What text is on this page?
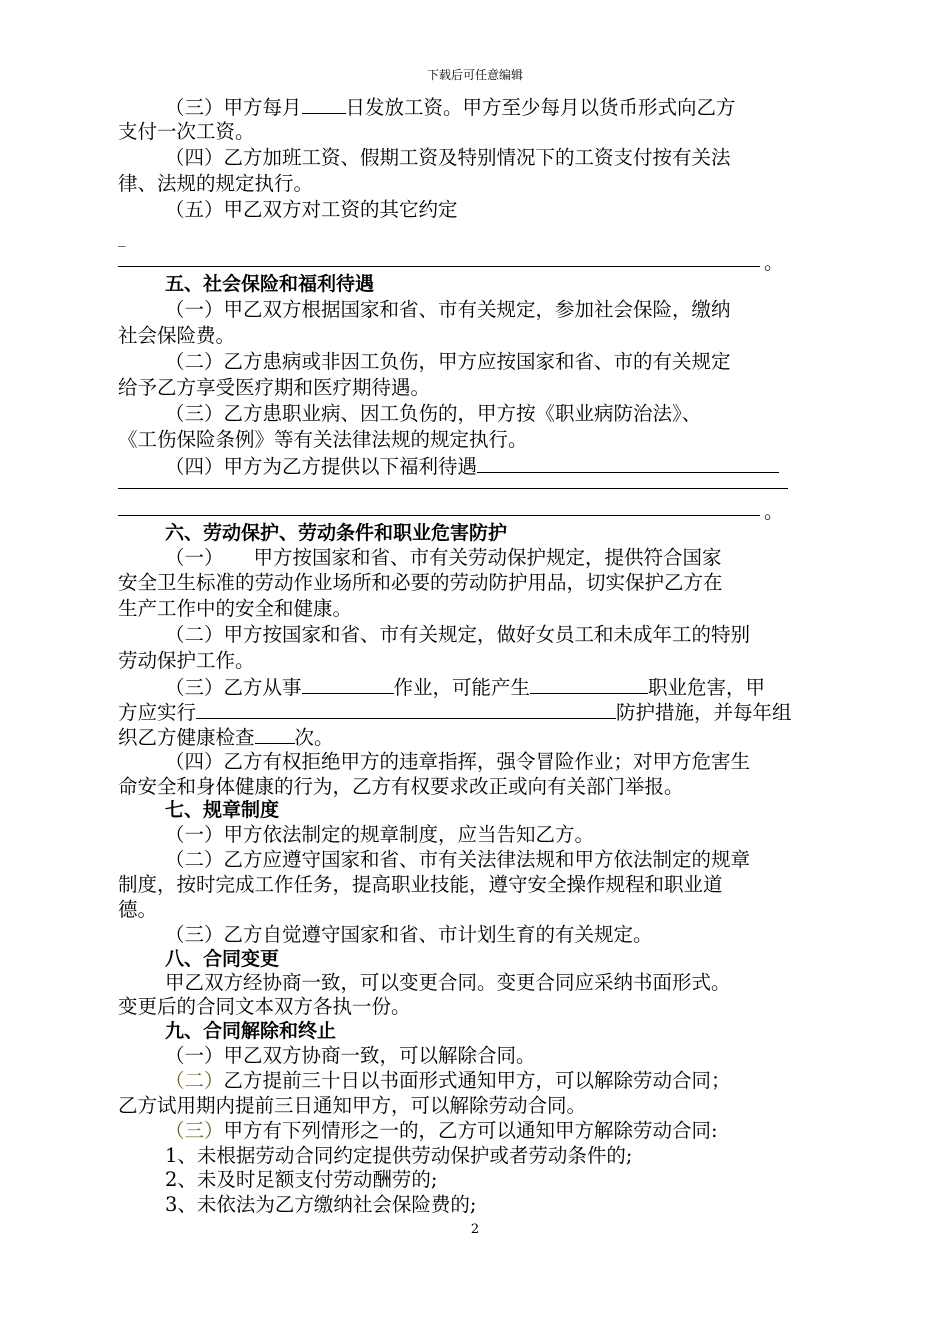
下载后可任意编辑
（三）甲方每月 日发放工资。甲方至少每月以货币形式向乙方
支付一次工资。
（四）乙方加班工资、假期工资及特别情况下的工资支付按有关法
律、法规的规定执行。
（五）甲乙双方对工资的其它约定
_
。
五、社会保险和福利待遇
（一）甲乙双方根据国家和省、市有关规定，参加社会保险，缴纳
社会保险费。
（二）乙方患病或非因工负伤，甲方应按国家和省、市的有关规定
给予乙方享受医疗期和医疗期待遇。
（三）乙方患职业病、因工负伤的，甲方按《职业病防治法》、
《工伤保险条例》等有关法律法规的规定执行。
（四）甲方为乙方提供以下福利待遇
。
六、劳动保护、劳动条件和职业危害防护
（一） 甲方按国家和省、市有关劳动保护规定，提供符合国家
安全卫生标准的劳动作业场所和必要的劳动防护用品，切实保护乙方在
生产工作中的安全和健康。
（二）甲方按国家和省、市有关规定，做好女员工和未成年工的特别
劳动保护工作。
（三）乙方从事	作业，可能产生	职业危害，甲
方应实行	防护措施，并每年组
织乙方健康检查 次。
（四）乙方有权拒绝甲方的违章指挥，强令冒险作业；对甲方危害生
命安全和身体健康的行为，乙方有权要求改正或向有关部门举报。
七、规章制度
（一）甲方依法制定的规章制度，应当告知乙方。
（二）乙方应遵守国家和省、市有关法律法规和甲方依法制定的规章
制度，按时完成工作任务，提高职业技能，遵守安全操作规程和职业道
德。
（三）乙方自觉遵守国家和省、市计划生育的有关规定。
八、合同变更
甲乙双方经协商一致，可以变更合同。变更合同应采纳书面形式。
变更后的合同文本双方各执一份。
九、合同解除和终止
（一）甲乙双方协商一致，可以解除合同。
（二）乙方提前三十日以书面形式通知甲方，可以解除劳动合同；
乙方试用期内提前三日通知甲方，可以解除劳动合同。
（三）甲方有下列情形之一的，乙方可以通知甲方解除劳动合同:
1、未根据劳动合同约定提供劳动保护或者劳动条件的;
2、未及时足额支付劳动酬劳的;
3、未依法为乙方缴纳社会保险费的;
2
